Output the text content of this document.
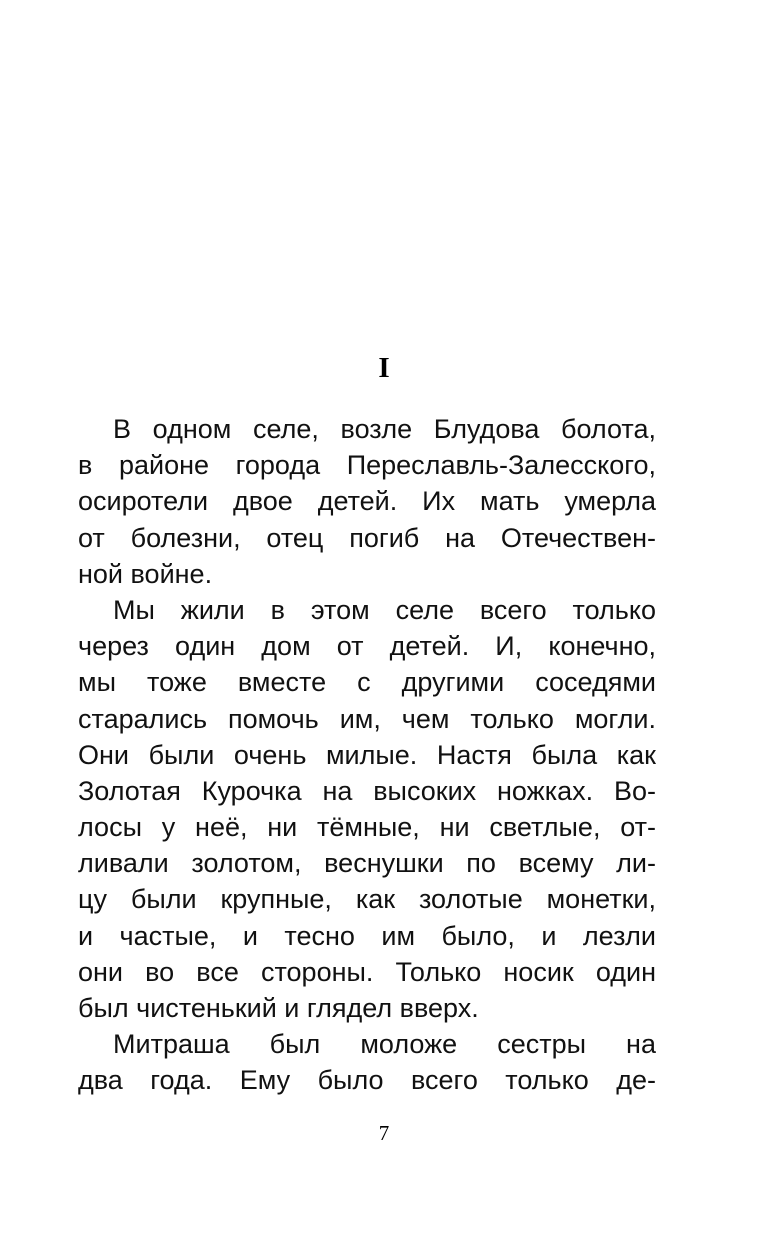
I
В одном селе, возле Блудова болота,
в районе города Переславль-Залесского,
осиротели двое детей. Их мать умерла
от болезни, отец погиб на Отечествен-
ной войне.
Мы жили в этом селе всего только
через один дом от детей. И, конечно,
мы тоже вместе с другими соседями
старались помочь им, чем только могли.
Они были очень милые. Настя была как
Золотая Курочка на высоких ножках. Во-
лосы у неё, ни тёмные, ни светлые, от-
ливали золотом, веснушки по всему ли-
цу были крупные, как золотые монетки,
и частые, и тесно им было, и лезли
они во все стороны. Только носик один
был чистенький и глядел вверх.
Митраша был моложе сестры на
два года. Ему было всего только де-
7
